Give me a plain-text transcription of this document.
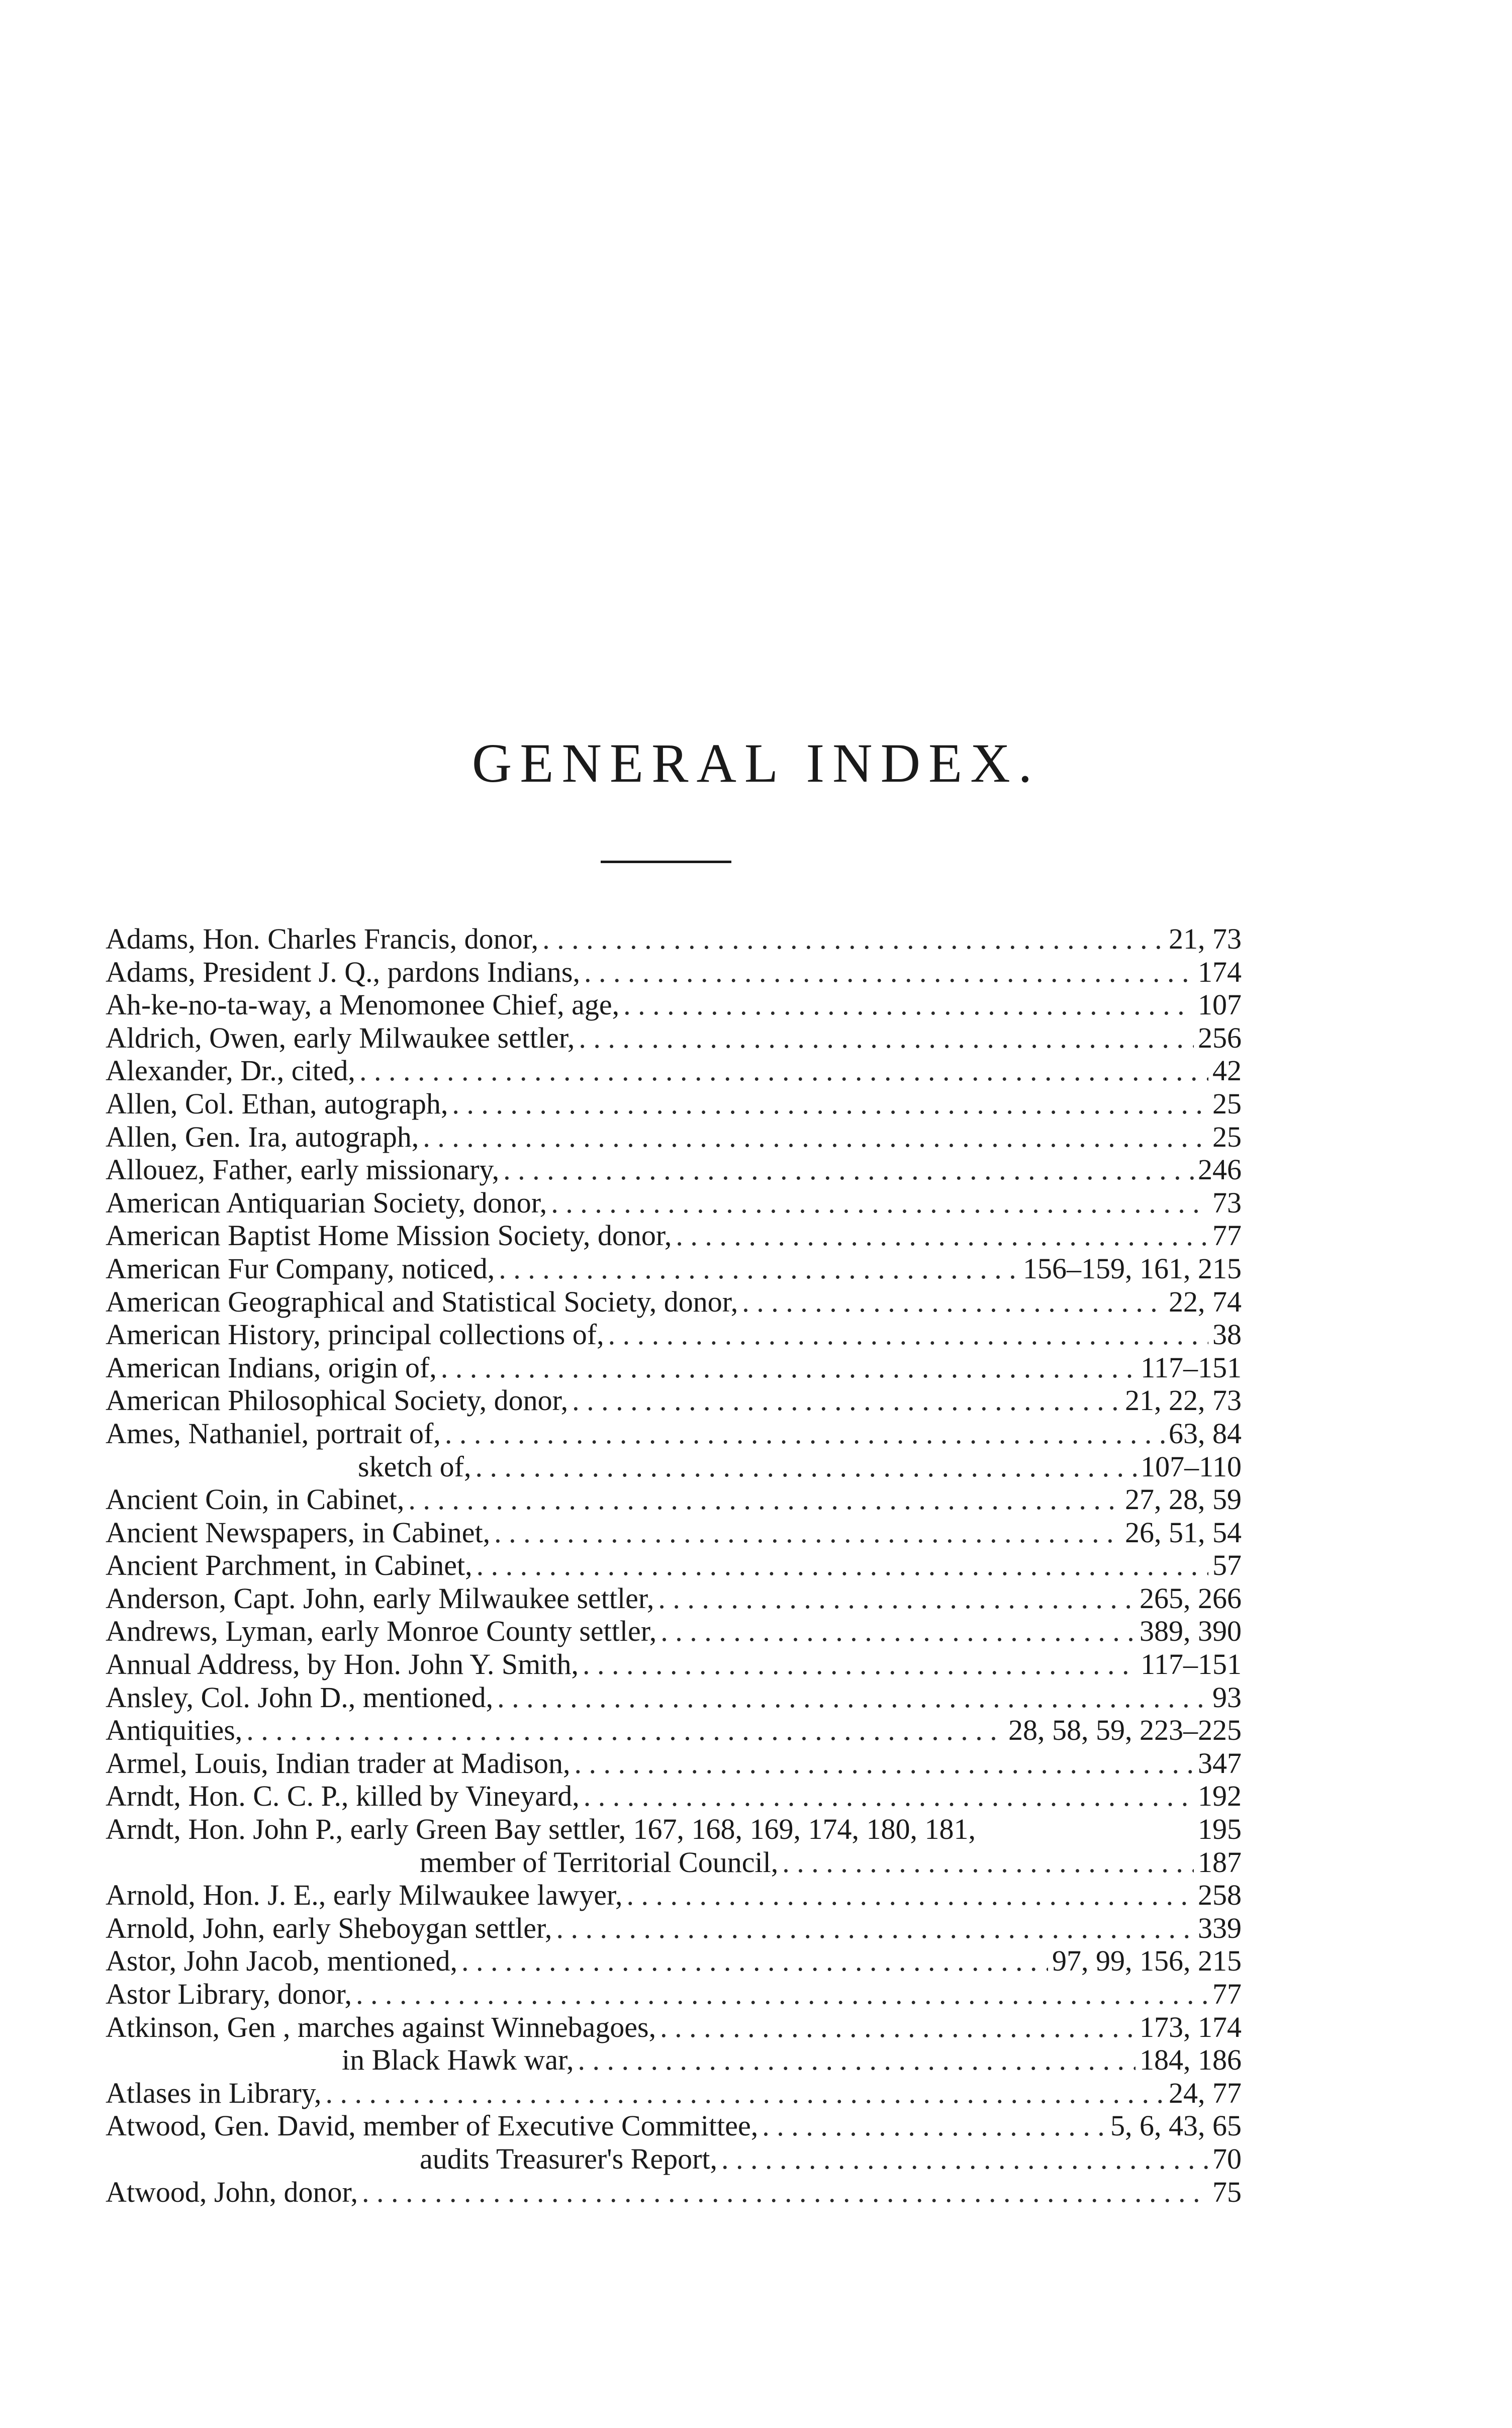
GENERAL INDEX.
Adams, Hon. Charles Francis, donor, . . .	21, 73
Adams, President J. Q., pardons Indians, . . .	174
Ah-ke-no-ta-way, a Menomonee Chief, age, . . .	107
Aldrich, Owen, early Milwaukee settler, . . .	256
Alexander, Dr., cited, . . .	42
Allen, Col. Ethan, autograph, . . .	25
Allen, Gen. Ira, autograph, . . .	25
Allouez, Father, early missionary, . . .	246
American Antiquarian Society, donor, . . .	73
American Baptist Home Mission Society, donor, . . .	77
American Fur Company, noticed, . . .	156–159, 161, 215
American Geographical and Statistical Society, donor, . . .	22, 74
American History, principal collections of, . . .	38
American Indians, origin of, . . .	117–151
American Philosophical Society, donor, . . .	21, 22, 73
Ames, Nathaniel, portrait of, . . .	63, 84
sketch of, . . .	107–110
Ancient Coin, in Cabinet, . . .	27, 28, 59
Ancient Newspapers, in Cabinet, . . .	26, 51, 54
Ancient Parchment, in Cabinet, . . .	57
Anderson, Capt. John, early Milwaukee settler, . . .	265, 266
Andrews, Lyman, early Monroe County settler, . . .	389, 390
Annual Address, by Hon. John Y. Smith, . . .	117–151
Ansley, Col. John D., mentioned, . . .	93
Antiquities, . . .	28, 58, 59, 223–225
Armel, Louis, Indian trader at Madison, . . .	347
Arndt, Hon. C. C. P., killed by Vineyard, . . .	192
Arndt, Hon. John P., early Green Bay settler, 167, 168, 169, 174, 180, 181,	195
member of Territorial Council, . . .	187
Arnold, Hon. J. E., early Milwaukee lawyer, . . .	258
Arnold, John, early Sheboygan settler, . . .	339
Astor, John Jacob, mentioned, . . .	97, 99, 156, 215
Astor Library, donor, . . .	77
Atkinson, Gen , marches against Winnebagoes, . . .	173, 174
in Black Hawk war, . . .	184, 186
Atlases in Library, . . .	24, 77
Atwood, Gen. David, member of Executive Committee, . . .	5, 6, 43, 65
audits Treasurer's Report, . . .	70
Atwood, John, donor, . . .	75
